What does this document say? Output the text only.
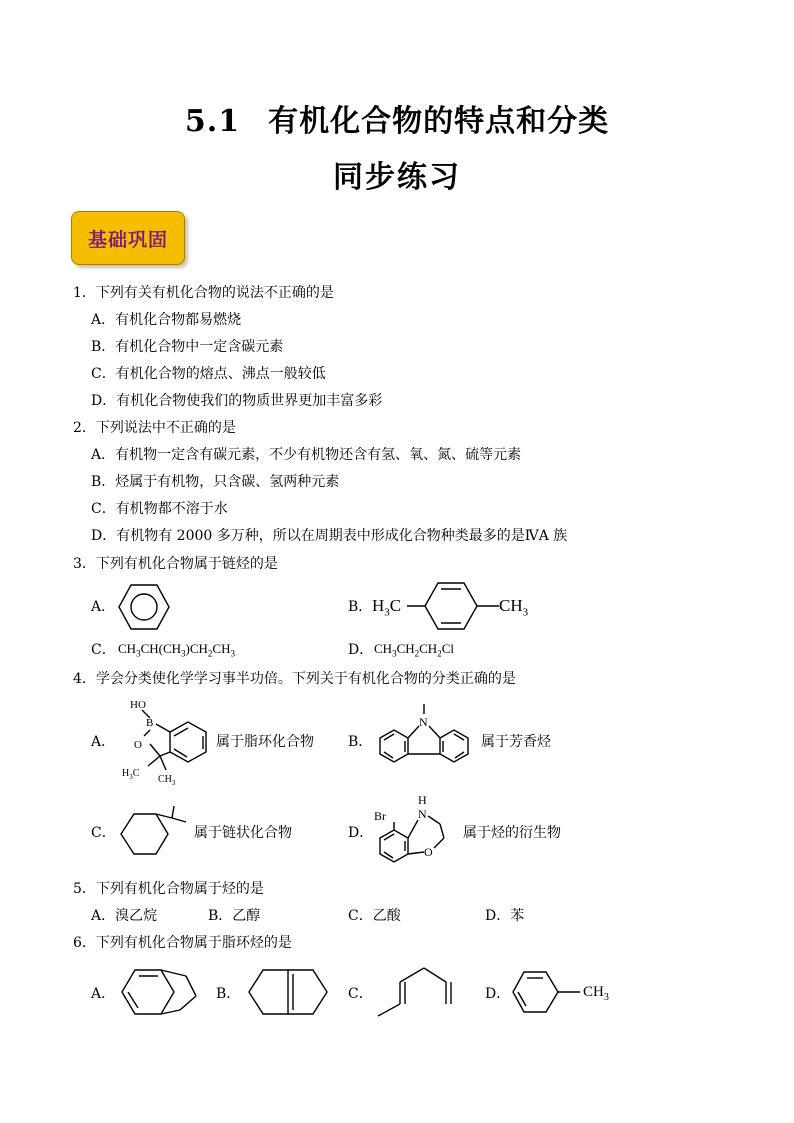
5.1 有机化合物的特点和分类
同步练习
基础巩固
1．下列有关有机化合物的说法不正确的是
A．有机化合物都易燃烧
B．有机化合物中一定含碳元素
C．有机化合物的熔点、沸点一般较低
D．有机化合物使我们的物质世界更加丰富多彩
2．下列说法中不正确的是
A．有机物一定含有碳元素，不少有机物还含有氢、氧、氮、硫等元素
B．烃属于有机物，只含碳、氢两种元素
C．有机物都不溶于水
D．有机物有 2000 多万种，所以在周期表中形成化合物种类最多的是ⅣA 族
3．下列有机化合物属于链烃的是
A．	B． $H_3C$	$CH_3$
C． $CH_3CH(CH_3)CH_2CH_3$	D． $CH_3CH_2CH_2Cl$
4．学会分类使化学学习事半功倍。下列关于有机化合物的分类正确的是
A．
HO
B
O
$H_3C$
$CH_3$
属于脂环化合物 B．
N
属于芳香烃
C．	属于链状化合物	D．
Br
H
N
O
属于烃的衍生物
5．下列有机化合物属于烃的是
A．溴乙烷	B．乙醇	C．乙酸	D．苯
6．下列有机化合物属于脂环烃的是
A．	B．	C．	D．	$CH_3$
